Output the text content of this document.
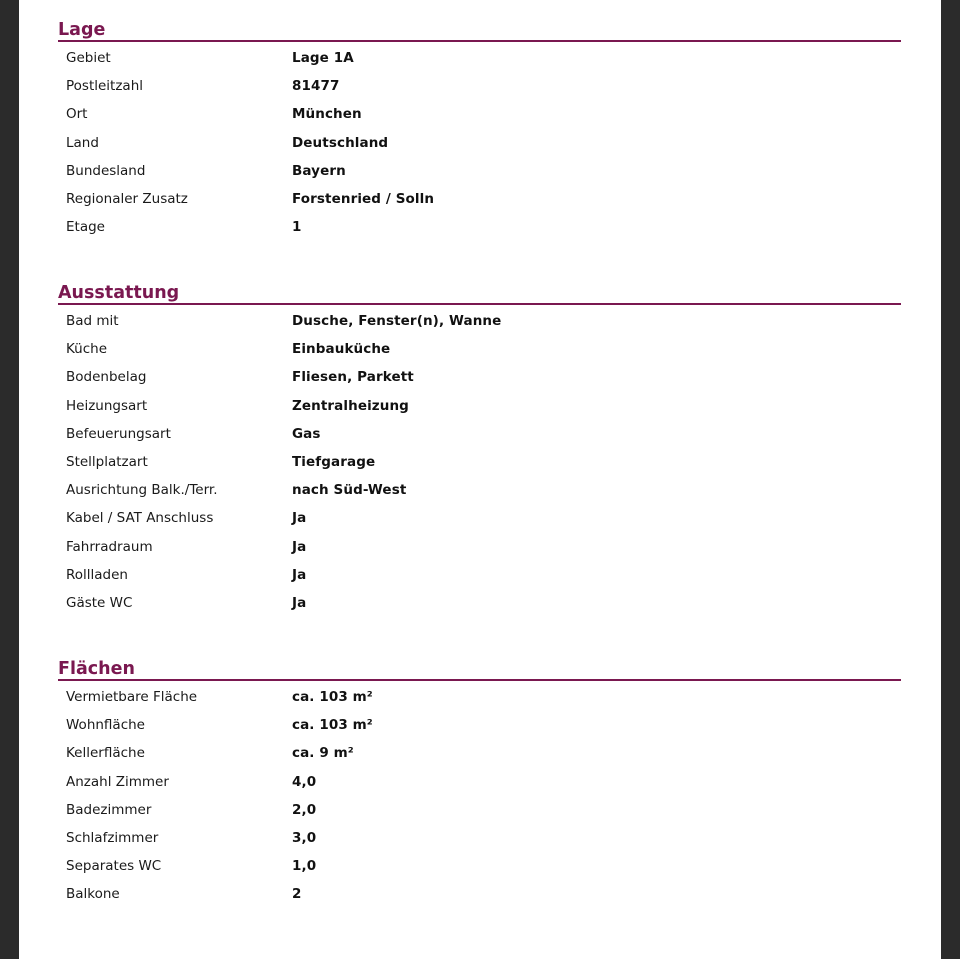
Lage
Gebiet	Lage 1A
Postleitzahl	81477
Ort	München
Land	Deutschland
Bundesland	Bayern
Regionaler Zusatz	Forstenried / Solln
Etage	1
Ausstattung
Bad mit	Dusche, Fenster(n), Wanne
Küche	Einbauküche
Bodenbelag	Fliesen, Parkett
Heizungsart	Zentralheizung
Befeuerungsart	Gas
Stellplatzart	Tiefgarage
Ausrichtung Balk./Terr.	nach Süd-West
Kabel / SAT Anschluss	Ja
Fahrradraum	Ja
Rollladen	Ja
Gäste WC	Ja
Flächen
Vermietbare Fläche	ca. 103 m²
Wohnfläche	ca. 103 m²
Kellerfläche	ca. 9 m²
Anzahl Zimmer	4,0
Badezimmer	2,0
Schlafzimmer	3,0
Separates WC	1,0
Balkone	2
